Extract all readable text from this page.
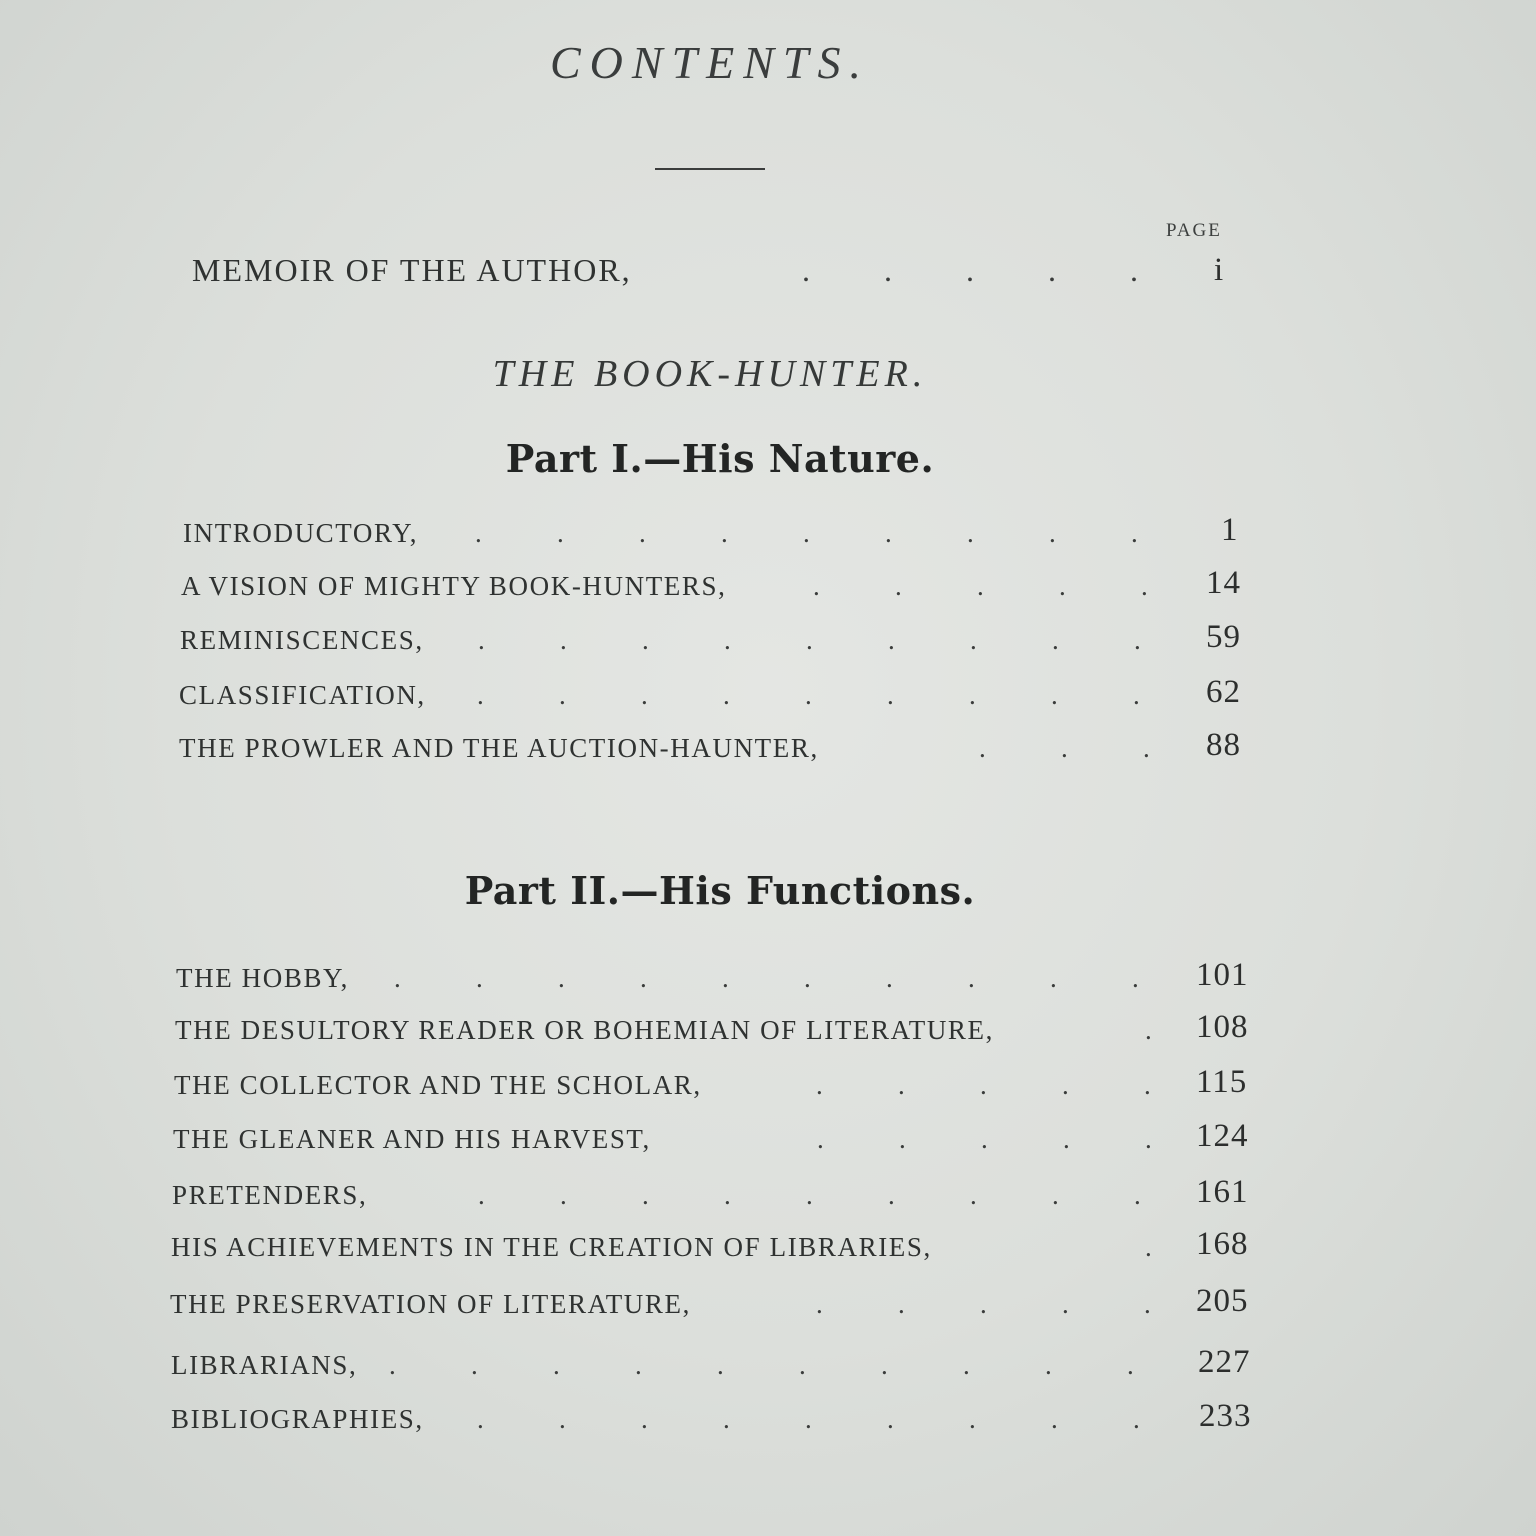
CONTENTS.
PAGE
MEMOIR OF THE AUTHOR,	. . . . .	i
THE BOOK-HUNTER.
Part I.—His Nature.
INTRODUCTORY, .	.	.	.	.	.	.	.	.	1
A VISION OF MIGHTY BOOK-HUNTERS,	.	.	.	.	.	14
REMINISCENCES, .	.	.	.	.	.	.	.	.	59
CLASSIFICATION, .	.	.	.	.	.	.	.	.	62
THE PROWLER AND THE AUCTION-HAUNTER,	.	.	.	88
Part II.—His Functions.
THE HOBBY, .	.	.	.	.	.	.	.	.	.	101
THE DESULTORY READER OR BOHEMIAN OF LITERATURE,	.	108
THE COLLECTOR AND THE SCHOLAR,	.	.	.	.	.	115
THE GLEANER AND HIS HARVEST,	.	.	.	.	.	124
PRETENDERS,	.	.	.	.	.	.	.	.	.	161
HIS ACHIEVEMENTS IN THE CREATION OF LIBRARIES,	.	168
THE PRESERVATION OF LITERATURE,	.	.	.	.	.	205
LIBRARIANS, .	.	.	.	.	.	.	.	.	.	227
BIBLIOGRAPHIES, .	.	.	.	.	.	.	.	.	233
